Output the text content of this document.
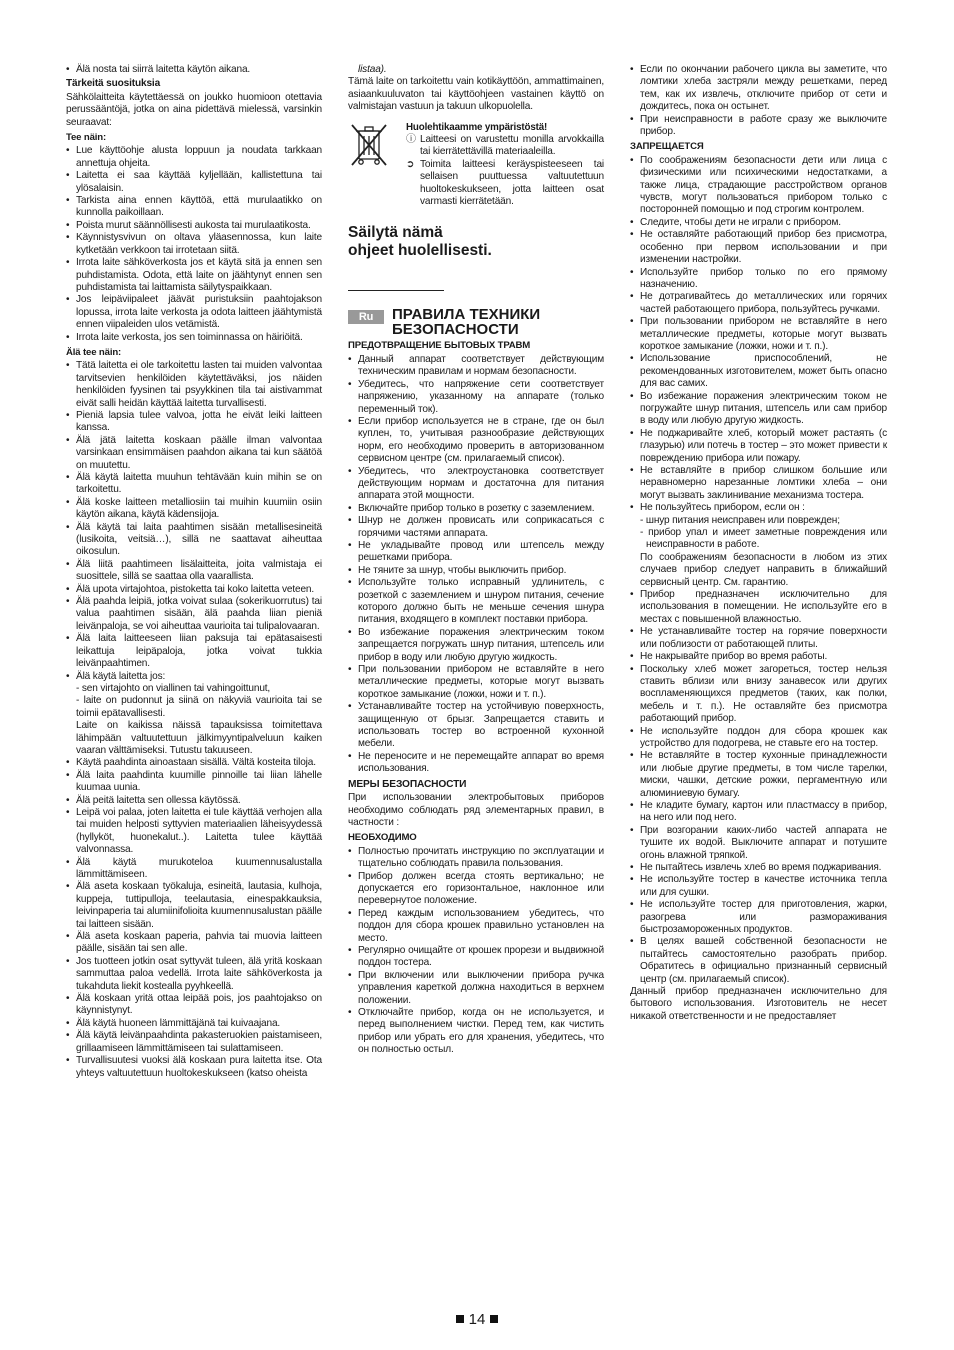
• Älä nosta tai siirrä laitetta käytön aikana.

Tärkeitä suosituksia

Sähkölaitteita käytettäessä on joukko huomioon otettavia perussääntöjä, jotka on aina pidettävä mielessä, varsinkin seuraavat:

Tee näin:

• Lue käyttöohje alusta loppuun ja noudata tarkkaan annettuja ohjeita.

• Laitetta ei saa käyttää kyljellään, kallistettuna tai ylösalaisin.

• Tarkista aina ennen käyttöä, että murulaatikko on kunnolla paikoillaan.

• Poista murut säännöllisesti aukosta tai murulaatikosta.

• Käynnistysvivun on oltava yläasennossa, kun laite kytketään verkkoon tai irrotetaan siitä.

• Irrota laite sähköverkosta jos et käytä sitä ja ennen sen puhdistamista. Odota, että laite on jäähtynyt ennen sen puhdistamista tai laittamista säilytyspaikkaan.

• Jos leipäviipaleet jäävät puristuksiin paahtojakson lopussa, irrota laite verkosta ja odota laitteen jäähtymistä ennen viipaleiden ulos vetämistä.

• Irrota laite verkosta, jos sen toiminnassa on häiriöitä.

Älä tee näin:

• Tätä laitetta ei ole tarkoitettu lasten tai muiden valvontaa tarvitsevien henkilöiden käytettäväksi, jos näiden henkilöiden fyysinen tai psyykkinen tila tai aistivammat eivät salli heidän käyttää laitetta turvallisesti.

• Pieniä lapsia tulee valvoa, jotta he eivät leiki laitteen kanssa.

• Älä jätä laitetta koskaan päälle ilman valvontaa varsinkaan ensimmäisen paahdon aikana tai kun säätöä on muutettu.

• Älä käytä laitetta muuhun tehtävään kuin mihin se on tarkoitettu.

• Älä koske laitteen metalliosiin tai muihin kuumiin osiin käytön aikana, käytä kädensijoja.

• Älä käytä tai laita paahtimen sisään metallisesineitä (lusikoita, veitsiä…), sillä ne saattavat aiheuttaa oikosulun.

• Älä liitä paahtimeen lisälaitteita, joita valmistaja ei suosittele, sillä se saattaa olla vaarallista.

• Älä upota virtajohtoa, pistoketta tai koko laitetta veteen.

• Älä paahda leipiä, jotka voivat sulaa (sokerikuorrutus) tai valua paahtimen sisään, älä paahda liian pieniä leivänpaloja, se voi aiheuttaa vaurioita tai tulipalovaaran.

• Älä laita laitteeseen liian paksuja tai epätasaisesti leikattuja leipäpaloja, jotka voivat tukkia leivänpaahtimen.

• Älä käytä laitetta jos:

- sen virtajohto on viallinen tai vahingoittunut,

- laite on pudonnut ja siinä on näkyviä vaurioita tai se toimii epätavallisesti.

Laite on kaikissa näissä tapauksissa toimitettava lähimpään valtuutettuun jälkimyyntipalveluun kaiken vaaran välttämiseksi. Tutustu takuuseen.

• Käytä paahdinta ainoastaan sisällä. Vältä kosteita tiloja.

• Älä laita paahdinta kuumille pinnoille tai liian lähelle kuumaa uunia.

• Älä peitä laitetta sen ollessa käytössä.

• Leipä voi palaa, joten laitetta ei tule käyttää verhojen alla tai muiden helposti syttyvien materiaalien läheisyydessä (hyllyköt, huonekalut..). Laitetta tulee käyttää valvonnassa.

• Älä käytä murukoteloa kuumennusalustalla lämmittämiseen.

• Älä aseta koskaan työkaluja, esineitä, lautasia, kulhoja, kuppeja, tuttipulloja, teelautasia, einespakkauksia, leivinpaperia tai alumiinifolioita kuumennusalustan päälle tai laitteen sisään.

• Älä aseta koskaan paperia, pahvia tai muovia laitteen päälle, sisään tai sen alle.

• Jos tuotteen jotkin osat syttyvät tuleen, älä yritä koskaan sammuttaa paloa vedellä. Irrota laite sähköverkosta ja tukahduta liekit kostealla pyyhkeellä.

• Älä koskaan yritä ottaa leipää pois, jos paahtojakso on käynnistynyt.

• Älä käytä huoneen lämmittäjänä tai kuivaajana.

• Älä käytä leivänpaahdinta pakasteruokien paistamiseen, grillaamiseen lämmittämiseen tai sulattamiseen.

• Turvallisuutesi vuoksi älä koskaan pura laitetta itse. Ota yhteys valtuutettuun huoltokeskukseen (katso oheista

listaa).

Tämä laite on tarkoitettu vain kotikäyttöön, ammattimainen, asiaankuuluvaton tai käyttöohjeen vastainen käyttö on valmistajan vastuun ja takuun ulkopuolella.

Huolehtikaamme ympäristöstä!

ⓘ Laitteesi on varustettu monilla arvokkailla tai kierrätettävillä materiaaleilla.

➲ Toimita laitteesi keräyspisteeseen tai sellaisen puuttuessa valtuutettuun huoltokeskukseen, jotta laitteen osat varmasti kierrätetään.

Säilytä nämä
ohjeet huolellisesti.

Ru	ПРАВИЛА ТЕХНИКИ
БЕЗОПАСНОСТИ

ПРЕДОТВРАЩЕНИЕ БЫТОВЫХ ТРАВМ

• Данный аппарат соответствует действующим техническим правилам и нормам безопасности.

• Убедитесь, что напряжение сети соответствует напряжению, указанному на аппарате (только переменный ток).

• Если прибор используется не в стране, где он был куплен, то, учитывая разнообразие действующих норм, его необходимо проверить в авторизованном сервисном центре (см. прилагаемый список).

• Убедитесь, что электроустановка соответствует действующим нормам и достаточна для питания аппарата этой мощности.

• Включайте прибор только в розетку с заземлением.

• Шнур не должен провисать или соприкасаться с горячими частями аппарата.

• Не укладывайте провод или штепсель между решетками прибора.

• Не тяните за шнур, чтобы выключить прибор.

• Используйте только исправный удлинитель, с розеткой с заземлением и шнуром питания, сечение которого должно быть не меньше сечения шнура питания, входящего в комплект поставки прибора.

• Во избежание поражения электрическим током запрещается погружать шнур питания, штепсель или прибор в воду или любую другую жидкость.

• При пользовании прибором не вставляйте в него металлические предметы, которые могут вызвать короткое замыкание (ложки, ножи и т. п.).

• Устанавливайте тостер на устойчивую поверхность, защищенную от брызг. Запрещается ставить и использовать тостер во встроенной кухонной мебели.

• Не переносите и не перемещайте аппарат во время использования.

МЕРЫ БЕЗОПАСНОСТИ

При использовании электробытовых приборов необходимо соблюдать ряд элементарных правил, в частности :

НЕОБХОДИМО

• Полностью прочитать инструкцию по эксплуатации и тщательно соблюдать правила пользования.

• Прибор должен всегда стоять вертикально; не допускается его горизонтальное, наклонное или перевернутое положение.

• Перед каждым использованием убедитесь, что поддон для сбора крошек правильно установлен на место.

• Регулярно очищайте от крошек прорези и выдвижной поддон тостера.

• При включении или выключении прибора ручка управления кареткой должна находиться в верхнем положении.

• Отключайте прибор, когда он не используется, и перед выполнением чистки. Перед тем, как чистить прибор или убрать его для хранения, убедитесь, что он полностью остыл.

• Если по окончании рабочего цикла вы заметите, что ломтики хлеба застряли между решетками, перед тем, как их извлечь, отключите прибор от сети и дождитесь, пока он остынет.

• При неисправности в работе сразу же выключите прибор.

ЗАПРЕЩАЕТСЯ

• По соображениям безопасности дети или лица с физическими или психическими недостатками, а также лица, страдающие расстройством органов чувств, могут пользоваться прибором только с посторонней помощью и под строгим контролем.

• Следите, чтобы дети не играли с прибором.

• Не оставляйте работающий прибор без присмотра, особенно при первом использовании и при изменении настройки.

• Используйте прибор только по его прямому назначению.

• Не дотрагивайтесь до металлических или горячих частей работающего прибора, пользуйтесь ручками.

• При пользовании прибором не вставляйте в него металлические предметы, которые могут вызвать короткое замыкание (ложки, ножи и т. п.).

• Использование приспособлений, не рекомендованных изготовителем, может быть опасно для вас самих.

• Во избежание поражения электрическим током не погружайте шнур питания, штепсель или сам прибор в воду или любую другую жидкость.

• Не поджаривайте хлеб, который может растаять (с глазурью) или потечь в тостер – это может привести к повреждению прибора или пожару.

• Не вставляйте в прибор слишком большие или неравномерно нарезанные ломтики хлеба – они могут вызвать заклинивание механизма тостера.

• Не пользуйтесь прибором, если он :

- шнур питания неисправен или поврежден;

- прибор упал и имеет заметные повреждения или неисправности в работе.

По соображениям безопасности в любом из этих случаев прибор следует направить в ближайший сервисный центр. См. гарантию.

• Прибор предназначен исключительно для использования в помещении. Не используйте его в местах с повышенной влажностью.

• Не устанавливайте тостер на горячие поверхности или поблизости от работающей плиты.

• Не накрывайте прибор во время работы.

• Поскольку хлеб может загореться, тостер нельзя ставить вблизи или внизу занавесок или других воспламеняющихся предметов (таких, как полки, мебель и т. п.). Не оставляйте без присмотра работающий прибор.

• Не используйте поддон для сбора крошек как устройство для подогрева, не ставьте его на тостер.

• Не вставляйте в тостер кухонные принадлежности или любые другие предметы, в том числе тарелки, миски, чашки, детские рожки, пергаментную или алюминиевую бумагу.

• Не кладите бумагу, картон или пластмассу в прибор, на него или под него.

• При возгорании каких-либо частей аппарата не тушите их водой. Выключите аппарат и потушите огонь влажной тряпкой.

• Не пытайтесь извлечь хлеб во время поджаривания.

• Не используйте тостер в качестве источника тепла или для сушки.

• Не используйте тостер для приготовления, жарки, разогрева или размораживания быстрозамороженных продуктов.

• В целях вашей собственной безопасности не пытайтесь самостоятельно разобрать прибор. Обратитесь в официально признанный сервисный центр (см. прилагаемый список).

Данный прибор предназначен исключительно для бытового использования. Изготовитель не несет никакой ответственности и не предоставляет

14
